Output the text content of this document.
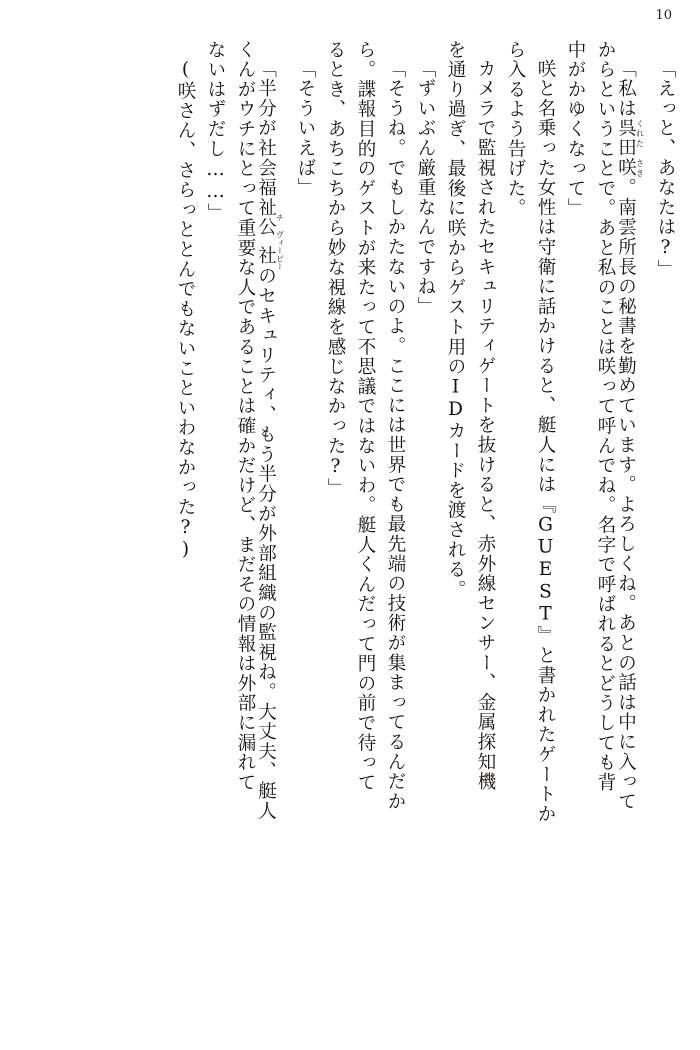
10
「えっと、あなたは?」
「私は呉田咲 くれた さき。南雲所長の秘書を勤めています。よろしくね。あとの話は中に入って
からということで。あと私のことは咲って呼んでね。名字で呼ばれるとどうしても背
中がかゆくなって」
咲と名乗った女性は守衛に話かけると、艇人には『GUEST』と書かれたゲートか
ら入るよう告げた。
カメラで監視されたセキュリティゲートを抜けると、赤外線センサー、金属探知機
を通り過ぎ、最後に咲からゲスト用のIDカードを渡される。
「ずいぶん厳重なんですね」
「そうね。でもしかたないのよ。ここには世界でも最先端の技術が集まってるんだか
ら。諜報目的のゲストが来たって不思議ではないわ。艇人くんだって門の前で待って
るとき、あちこちから妙な視線を感じなかった?」
「そういえば」
「半分が社会福祉公社 チ ヴィーピーのセキュリティ、もう半分が外部組織の監視ね。大丈夫、艇人
くんがウチにとって重要な人であることは確かだけど、まだその情報は外部に漏れて
ないはずだし……」
(咲さん、さらっととんでもないこといわなかった?)
